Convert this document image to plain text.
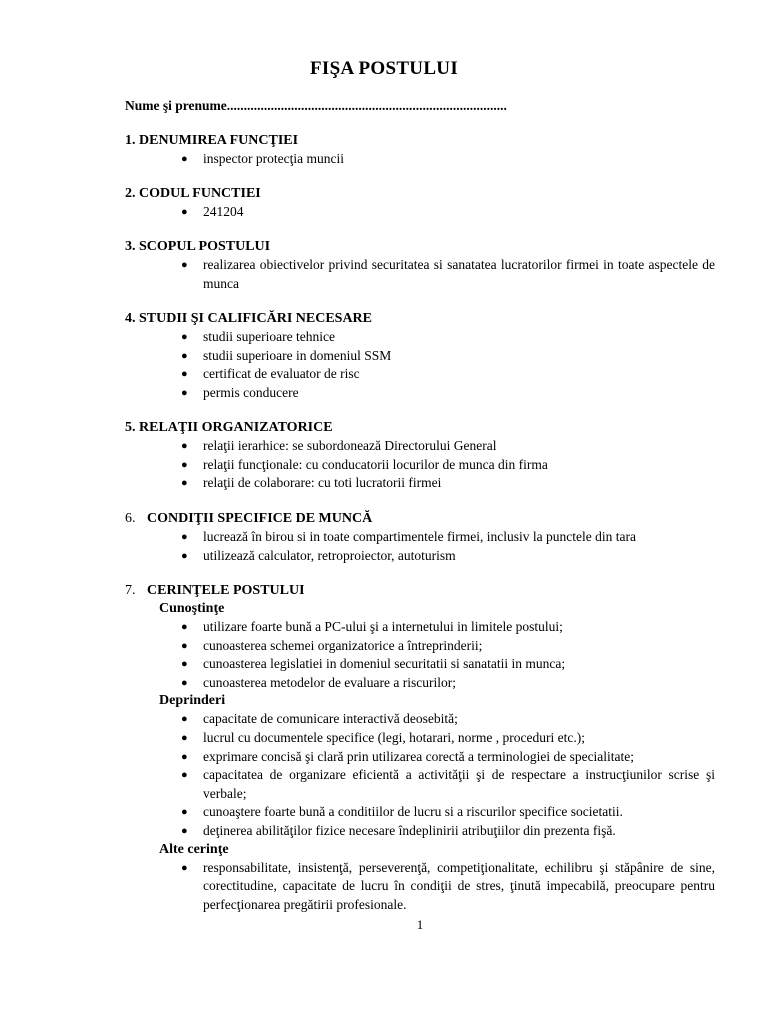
FIŞA POSTULUI
Nume şi prenume...................................................................................
1. DENUMIREA FUNCŢIEI
● inspector protecţia muncii
2. CODUL FUNCTIEI
● 241204
3. SCOPUL POSTULUI
● realizarea obiectivelor privind securitatea si sanatatea lucratorilor firmei in toate aspectele de munca
4. STUDII ŞI CALIFICĂRI NECESARE
● studii superioare tehnice
● studii superioare in domeniul SSM
● certificat de evaluator de risc
● permis conducere
5. RELAŢII ORGANIZATORICE
● relaţii ierarhice: se subordonează Directorului General
● relaţii funcţionale: cu conducatorii locurilor de munca din firma
● relaţii de colaborare: cu toti lucratorii firmei
6. CONDIŢII SPECIFICE DE MUNCĂ
● lucrează în birou si in toate compartimentele firmei, inclusiv la punctele din tara
● utilizează calculator, retroproiector, autoturism
7. CERINŢELE POSTULUI
Cunoştinţe
● utilizare foarte bună a PC-ului şi a internetului in limitele postului;
● cunoasterea schemei organizatorice a întreprinderii;
● cunoasterea legislatiei in domeniul securitatii si sanatatii in munca;
● cunoasterea metodelor de evaluare a riscurilor;
Deprinderi
● capacitate de comunicare interactivă deosebită;
● lucrul cu documentele specifice (legi, hotarari, norme , proceduri etc.);
● exprimare concisă şi clară prin utilizarea corectă a terminologiei de specialitate;
● capacitatea de organizare eficientă a activităţii şi de respectare a instrucţiunilor scrise şi verbale;
● cunoaştere foarte bună a conditiilor de lucru si a riscurilor specifice societatii.
● deţinerea abilităţilor fizice necesare îndeplinirii atribuţiilor din prezenta fişă.
Alte cerinţe
● responsabilitate, insistenţă, perseverenţă, competiţionalitate, echilibru şi stăpânire de sine, corectitudine, capacitate de lucru în condiţii de stres, ţinută impecabilă, preocupare pentru perfecţionarea pregătirii profesionale.
1
